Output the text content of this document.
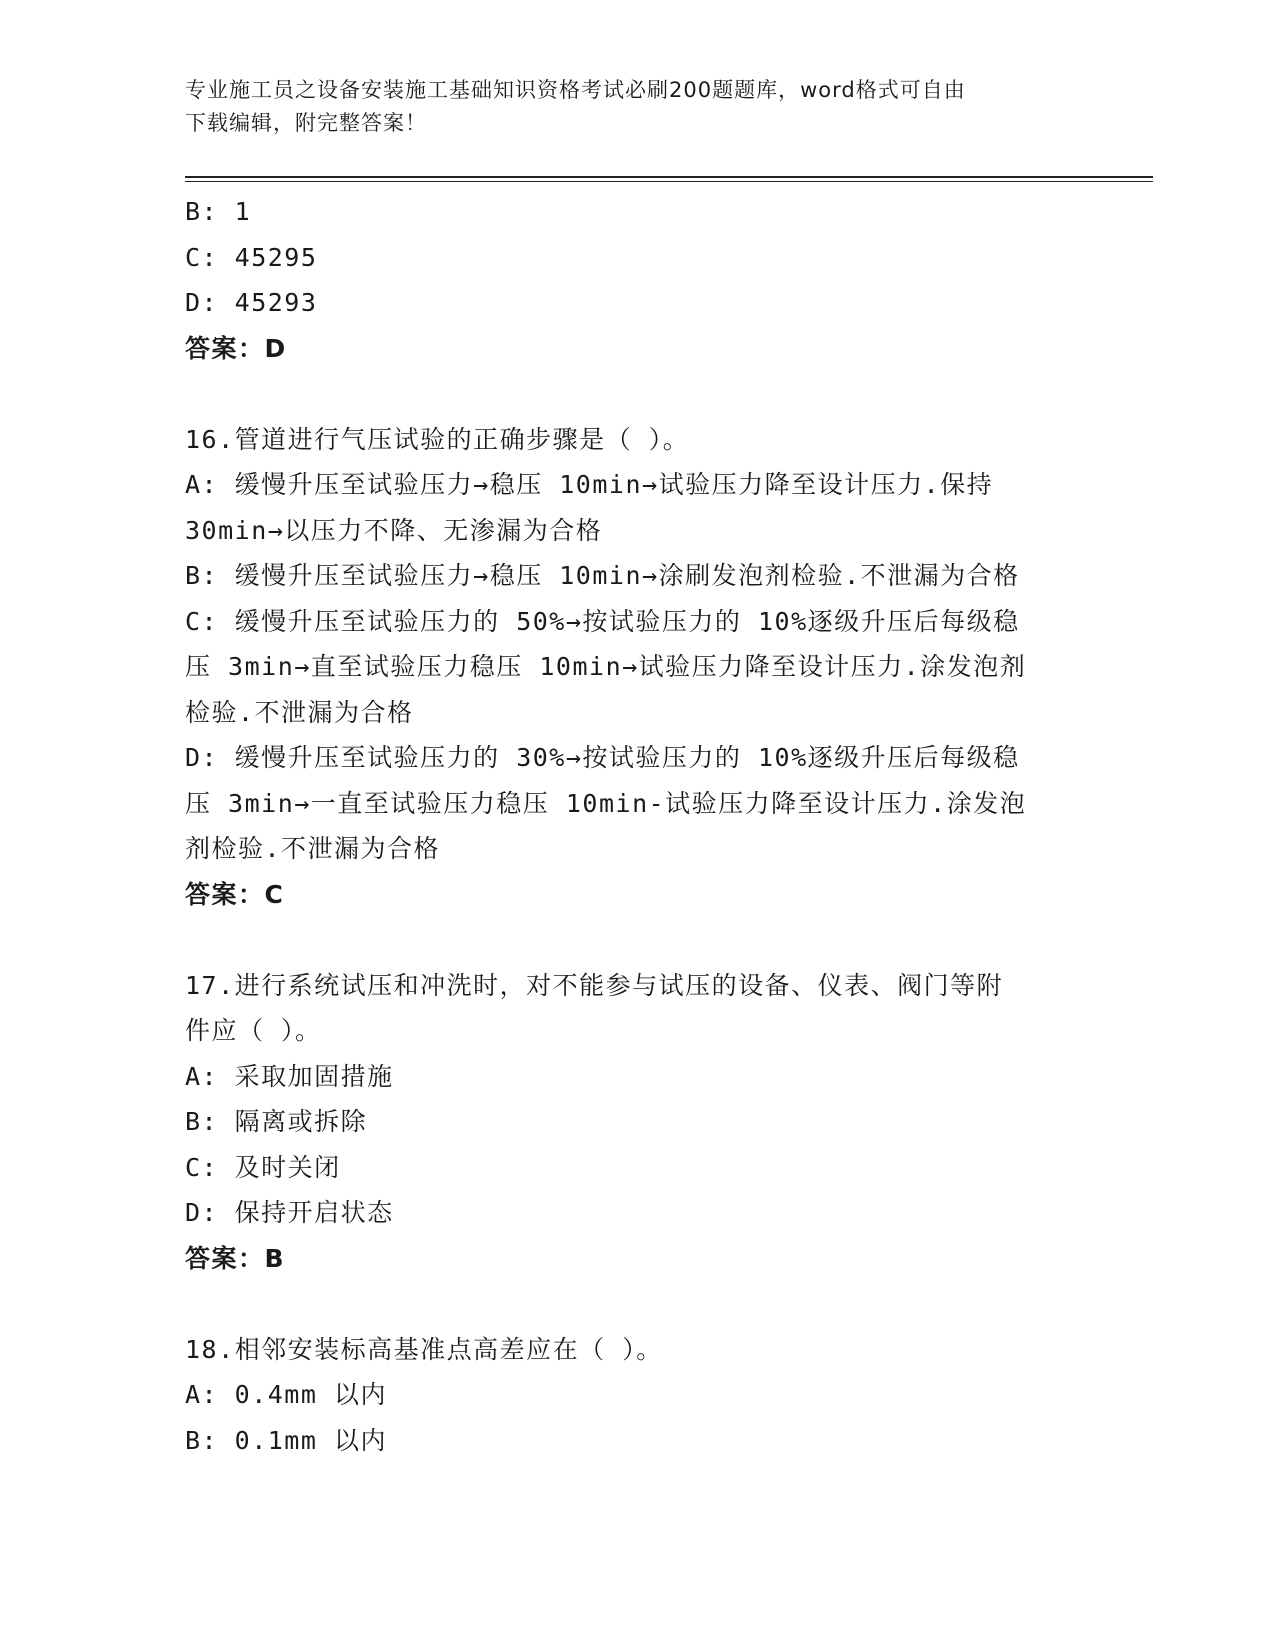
专业施工员之设备安装施工基础知识资格考试必刷200题题库，word格式可自由
下载编辑，附完整答案！
B: 1
C: 45295
D: 45293
答案：D
16.管道进行气压试验的正确步骤是（ ）。
A: 缓慢升压至试验压力→稳压 10min→试验压力降至设计压力.保持
30min→以压力不降、无渗漏为合格
B: 缓慢升压至试验压力→稳压 10min→涂刷发泡剂检验.不泄漏为合格
C: 缓慢升压至试验压力的 50%→按试验压力的 10%逐级升压后每级稳
压 3min→直至试验压力稳压 10min→试验压力降至设计压力.涂发泡剂
检验.不泄漏为合格
D: 缓慢升压至试验压力的 30%→按试验压力的 10%逐级升压后每级稳
压 3min→一直至试验压力稳压 10min-试验压力降至设计压力.涂发泡
剂检验.不泄漏为合格
答案：C
17.进行系统试压和冲洗时，对不能参与试压的设备、仪表、阀门等附
件应（ ）。
A: 采取加固措施
B: 隔离或拆除
C: 及时关闭
D: 保持开启状态
答案：B
18.相邻安装标高基准点高差应在（ ）。
A: 0.4mm 以内
B: 0.1mm 以内
